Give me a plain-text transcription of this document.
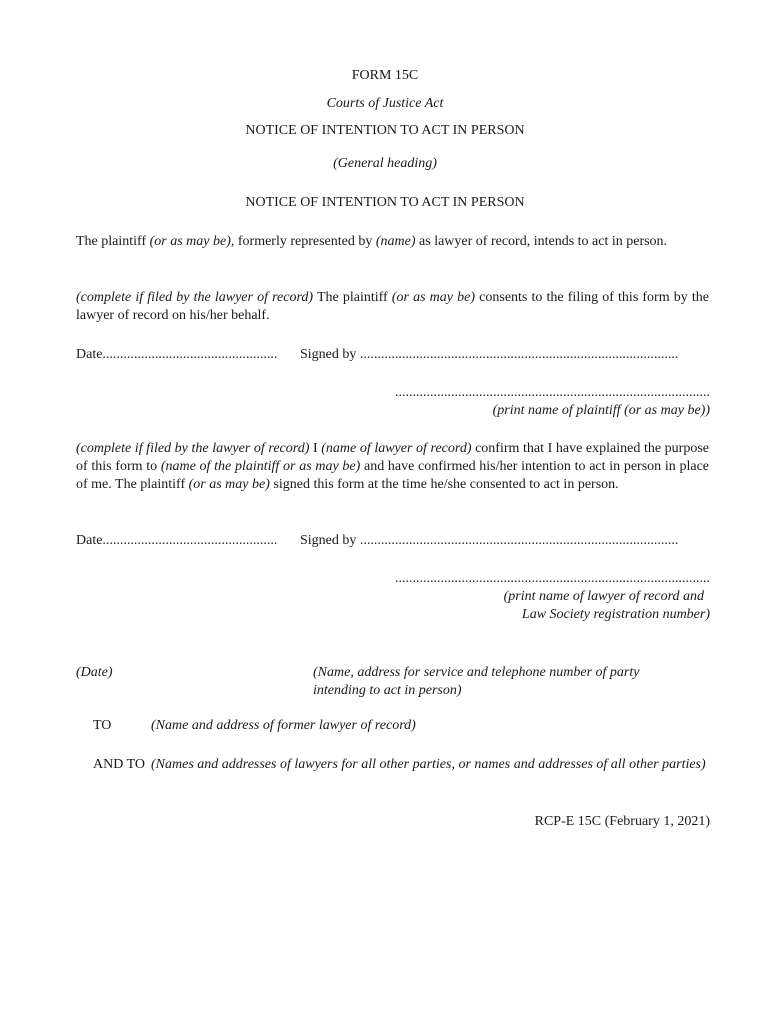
FORM 15C
Courts of Justice Act
NOTICE OF INTENTION TO ACT IN PERSON
(General heading)
NOTICE OF INTENTION TO ACT IN PERSON
The plaintiff (or as may be), formerly represented by (name) as lawyer of record, intends to act in person.
(complete if filed by the lawyer of record) The plaintiff (or as may be) consents to the filing of this form by the lawyer of record on his/her behalf.
Date.................................................. Signed by ...........................................................................................
..........................................................................................
(print name of plaintiff (or as may be))
(complete if filed by the lawyer of record) I (name of lawyer of record) confirm that I have explained the purpose of this form to (name of the plaintiff or as may be) and have confirmed his/her intention to act in person in place of me. The plaintiff (or as may be) signed this form at the time he/she consented to act in person.
Date.................................................. Signed by ...........................................................................................
..........................................................................................
(print name of lawyer of record and
Law Society registration number)
(Date)	(Name, address for service and telephone number of party intending to act in person)
TO	(Name and address of former lawyer of record)
AND TO (Names and addresses of lawyers for all other parties, or names and addresses of all other parties)
RCP-E 15C (February 1, 2021)
